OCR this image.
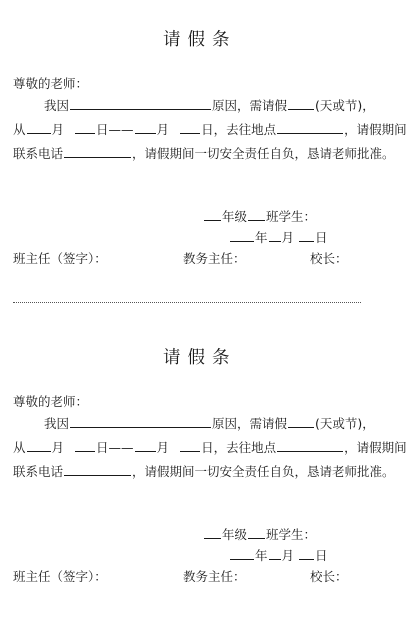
请假条
尊敬的老师：
我因	原因，需请假 (天或节)，
从 月	日—— 月	日，去往地点	，请假期间
联系电话	，请假期间一切安全责任自负，恳请老师批准。
年级 班学生：
年 月 日
班主任（签字）：	教务主任：	校长：
请假条
尊敬的老师：
我因	原因，需请假 (天或节)，
从 月	日—— 月	日，去往地点	，请假期间
联系电话	，请假期间一切安全责任自负，恳请老师批准。
年级 班学生：
年 月 日
班主任（签字）：	教务主任：	校长：
